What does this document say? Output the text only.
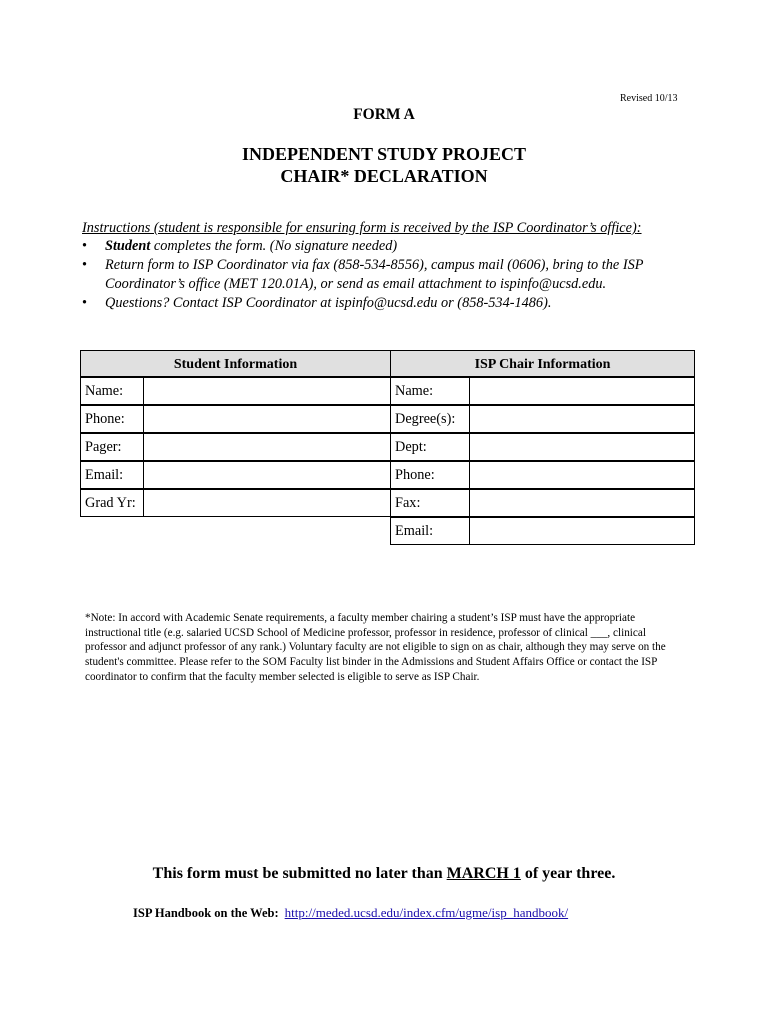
Revised 10/13
FORM A
INDEPENDENT STUDY PROJECT
CHAIR* DECLARATION
Instructions (student is responsible for ensuring form is received by the ISP Coordinator’s office):
• Student completes the form. (No signature needed)
• Return form to ISP Coordinator via fax (858-534-8556), campus mail (0606), bring to the ISP Coordinator’s office (MET 120.01A), or send as email attachment to ispinfo@ucsd.edu.
• Questions? Contact ISP Coordinator at ispinfo@ucsd.edu or (858-534-1486).
Student Information	ISP Chair Information
Name:
Phone:
Pager:
Email:
Grad Yr:
Name:
Degree(s):
Dept:
Phone:
Fax:
Email:
*Note: In accord with Academic Senate requirements, a faculty member chairing a student’s ISP must have the appropriate instructional title (e.g. salaried UCSD School of Medicine professor, professor in residence, professor of clinical ___, clinical professor and adjunct professor of any rank.) Voluntary faculty are not eligible to sign on as chair, although they may serve on the student's committee. Please refer to the SOM Faculty list binder in the Admissions and Student Affairs Office or contact the ISP coordinator to confirm that the faculty member selected is eligible to serve as ISP Chair.
This form must be submitted no later than MARCH 1 of year three.
ISP Handbook on the Web: http://meded.ucsd.edu/index.cfm/ugme/isp_handbook/
